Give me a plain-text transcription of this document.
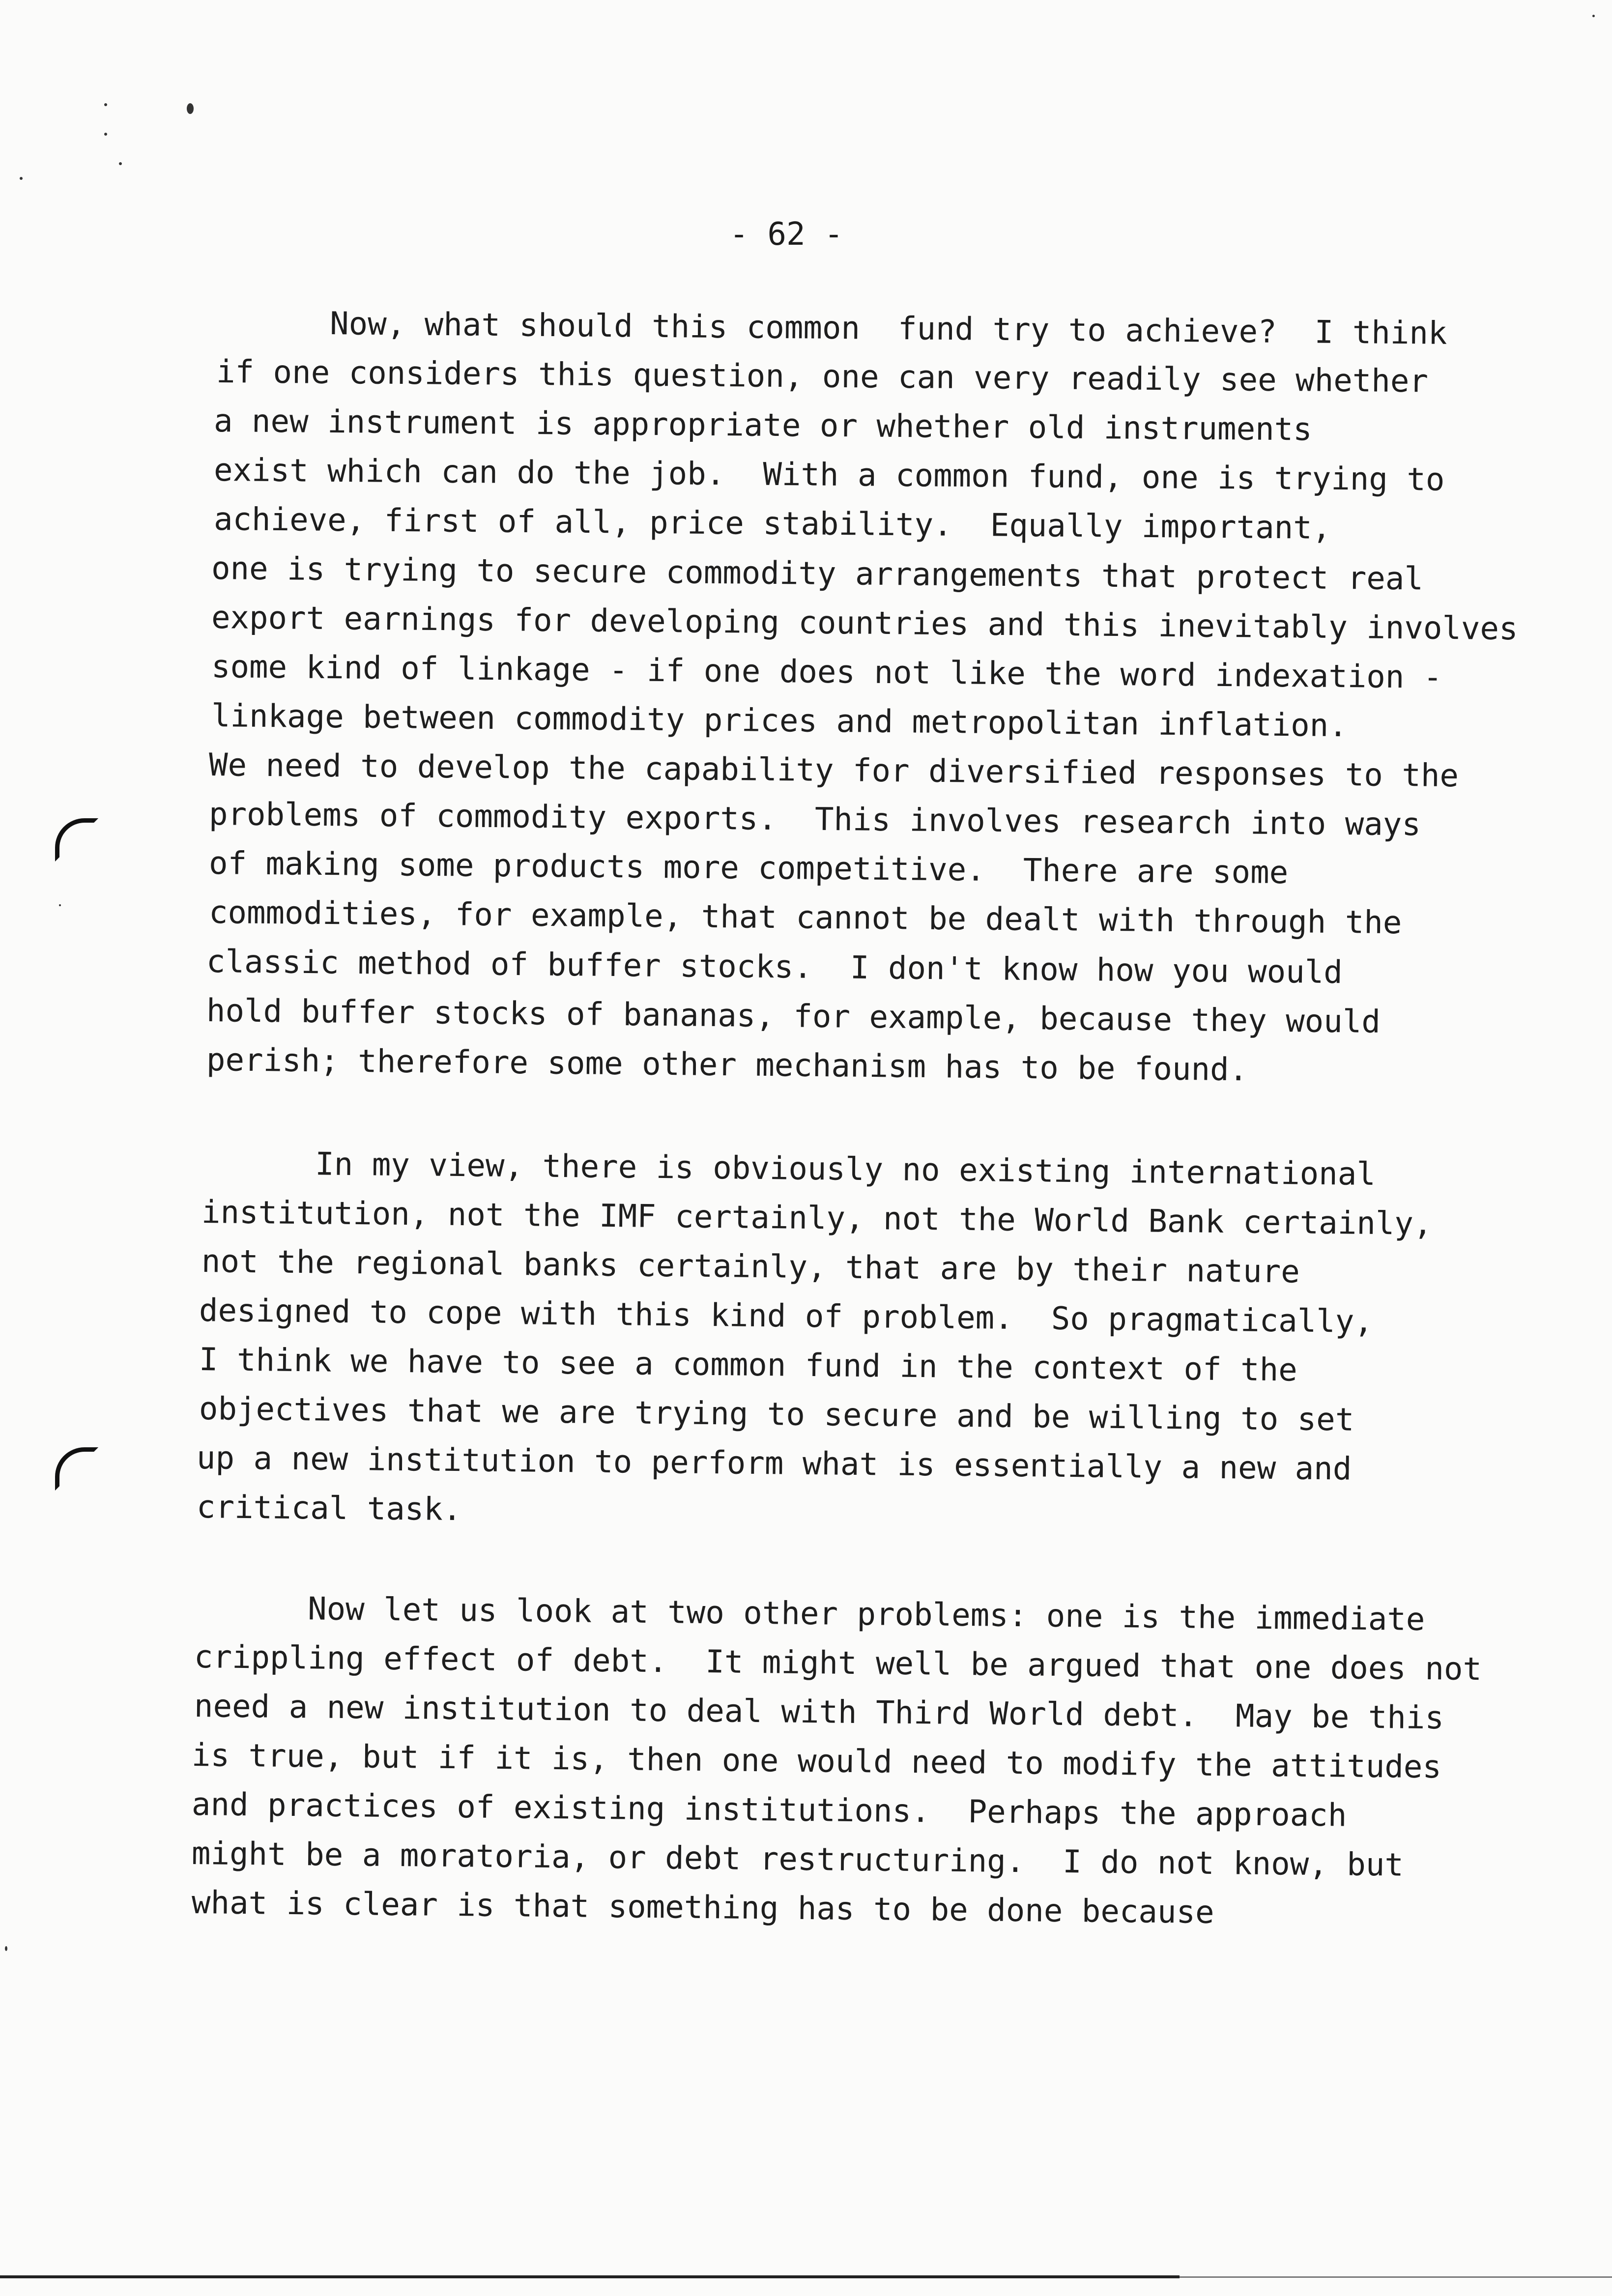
- 62 -
Now, what should this common  fund try to achieve?  I think
if one considers this question, one can very readily see whether
a new instrument is appropriate or whether old instruments
exist which can do the job.  With a common fund, one is trying to
achieve, first of all, price stability.  Equally important,
one is trying to secure commodity arrangements that protect real
export earnings for developing countries and this inevitably involves
some kind of linkage - if one does not like the word indexation -
linkage between commodity prices and metropolitan inflation.
We need to develop the capability for diversified responses to the
problems of commodity exports.  This involves research into ways
of making some products more competitive.  There are some
commodities, for example, that cannot be dealt with through the
classic method of buffer stocks.  I don't know how you would
hold buffer stocks of bananas, for example, because they would
perish; therefore some other mechanism has to be found.
In my view, there is obviously no existing international
institution, not the IMF certainly, not the World Bank certainly,
not the regional banks certainly, that are by their nature
designed to cope with this kind of problem.  So pragmatically,
I think we have to see a common fund in the context of the
objectives that we are trying to secure and be willing to set
up a new institution to perform what is essentially a new and
critical task.
Now let us look at two other problems: one is the immediate
crippling effect of debt.  It might well be argued that one does not
need a new institution to deal with Third World debt.  May be this
is true, but if it is, then one would need to modify the attitudes
and practices of existing institutions.  Perhaps the approach
might be a moratoria, or debt restructuring.  I do not know, but
what is clear is that something has to be done because
